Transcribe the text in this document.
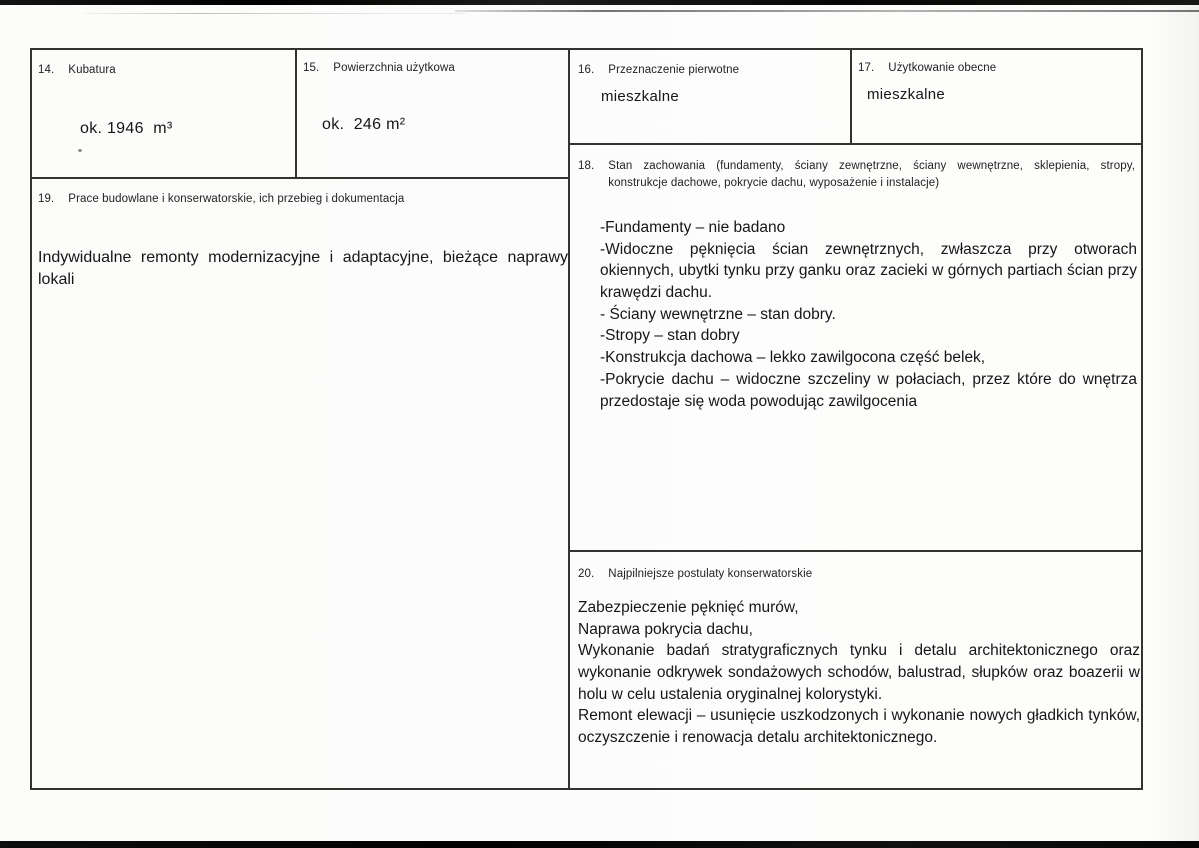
14. Kubatura
ok. 1946  m³
15. Powierzchnia użytkowa
ok.  246 m²
16. Przeznaczenie pierwotne
mieszkalne
17. Użytkowanie obecne
mieszkalne
18. Stan zachowania (fundamenty, ściany zewnętrzne, ściany wewnętrzne, sklepienia, stropy, konstrukcje dachowe, pokrycie dachu, wyposażenie i instalacje)

-Fundamenty – nie badano

-Widoczne pęknięcia ścian zewnętrznych, zwłaszcza przy otworach okiennych, ubytki tynku przy ganku oraz zacieki w górnych partiach ścian przy krawędzi dachu.

- Ściany wewnętrzne – stan dobry.

-Stropy – stan dobry

-Konstrukcja dachowa – lekko zawilgocona część belek,

-Pokrycie dachu – widoczne szczeliny w połaciach, przez które do wnętrza przedostaje się woda powodując zawilgocenia

19. Prace budowlane i konserwatorskie, ich przebieg i dokumentacja

Indywidualne remonty modernizacyjne i adaptacyjne, bieżące naprawy lokali

20. Najpilniejsze postulaty konserwatorskie

Zabezpieczenie pęknięć murów,

Naprawa pokrycia dachu,

Wykonanie badań stratygraficznych tynku i detalu architektonicznego oraz wykonanie odkrywek sondażowych schodów, balustrad, słupków oraz boazerii w holu w celu ustalenia oryginalnej kolorystyki.

Remont elewacji – usunięcie uszkodzonych i wykonanie nowych gładkich tynków, oczyszczenie i renowacja detalu architektonicznego.
